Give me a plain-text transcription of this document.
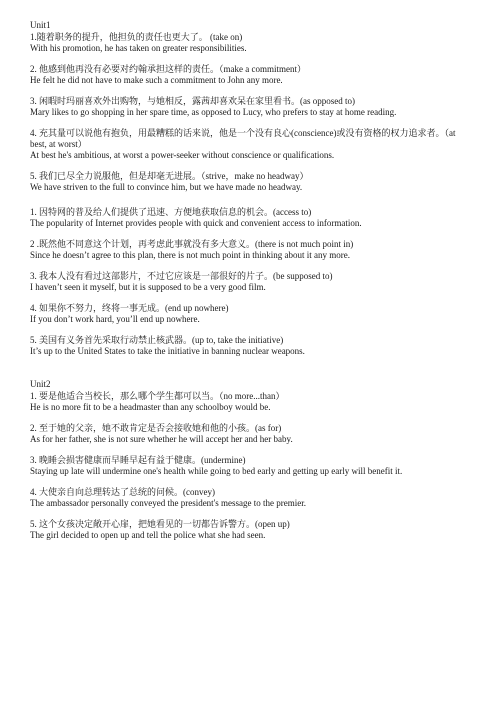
Unit1
1.随着职务的提升，他担负的责任也更大了。 (take on)
With his promotion, he has taken on greater responsibilities.
2. 他感到他再没有必要对约翰承担这样的责任。（make a commitment）
He felt he did not have to make such a commitment to John any more.
3. 闲暇时玛丽喜欢外出购物，与她相反，露茜却喜欢呆在家里看书。(as opposed to)
Mary likes to go shopping in her spare time, as opposed to Lucy, who prefers to stay at home reading.
4. 充其量可以说他有抱负，用最糟糕的话来说，他是一个没有良心(conscience)或没有资格的权力追求者。（at best, at worst）
At best he's ambitious, at worst a power-seeker without conscience or qualifications.
5. 我们已尽全力说服他，但是却毫无进展。（strive，make no headway）
We have striven to the full to convince him, but we have made no headway.
1. 因特网的普及给人们提供了迅速、方便地获取信息的机会。(access to)
The popularity of Internet provides people with quick and convenient access to information.
2 .既然他不同意这个计划，再考虑此事就没有多大意义。(there is not much point in)
Since he doesn’t agree to this plan, there is not much point in thinking about it any more.
3. 我本人没有看过这部影片，不过它应该是一部很好的片子。(be supposed to)
I haven’t seen it myself, but it is supposed to be a very good film.
4. 如果你不努力，终将一事无成。(end up nowhere)
If you don’t work hard, you’ll end up nowhere.
5. 美国有义务首先采取行动禁止核武器。(up to, take the initiative)
It’s up to the United States to take the initiative in banning nuclear weapons.
Unit2
1. 要是他适合当校长，那么哪个学生都可以当。（no more...than）
He is no more fit to be a headmaster than any schoolboy would be.
2. 至于她的父亲，她不敢肯定是否会接收她和他的小孩。(as for)
As for her father, she is not sure whether he will accept her and her baby.
3. 晚睡会损害健康而早睡早起有益于健康。(undermine)
Staying up late will undermine one's health while going to bed early and getting up early will benefit it.
4. 大使亲自向总理转达了总统的问候。(convey)
The ambassador personally conveyed the president's message to the premier.
5. 这个女孩决定敞开心扉，把她看见的一切都告诉警方。(open up)
The girl decided to open up and tell the police what she had seen.
